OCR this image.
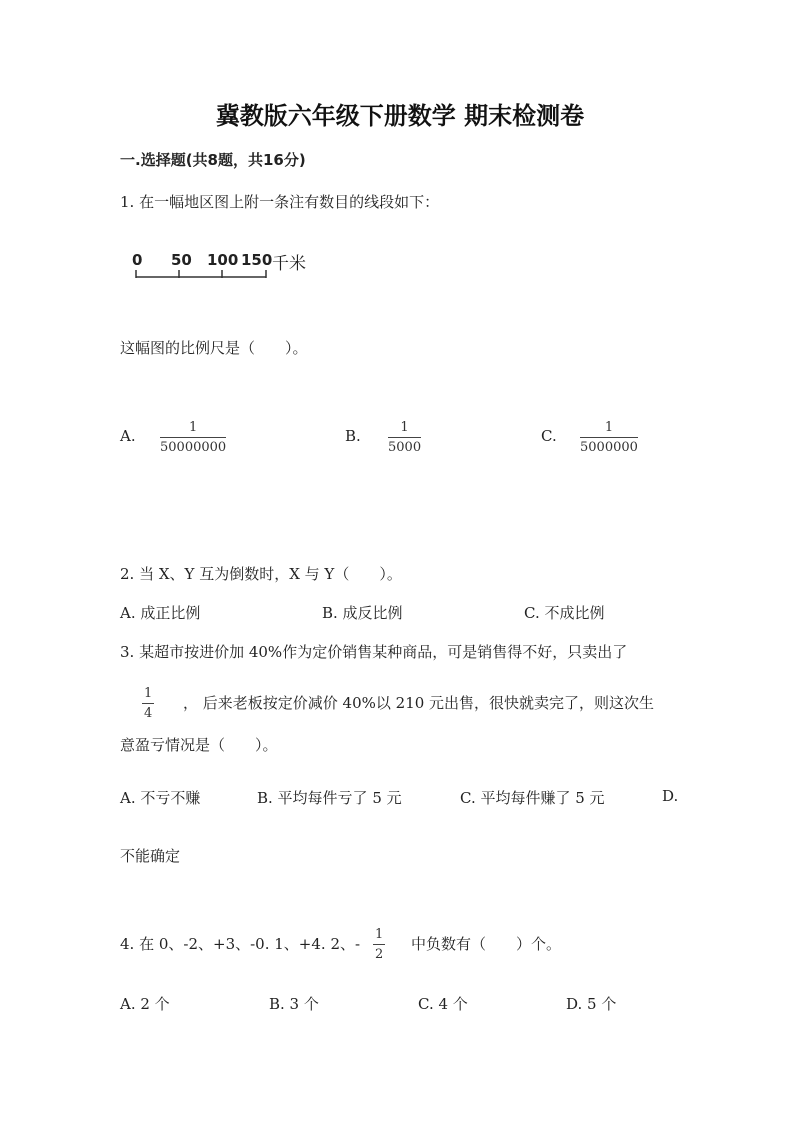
冀教版六年级下册数学 期末检测卷
一.选择题(共8题，共16分)
1. 在一幅地区图上附一条注有数目的线段如下：
0 50 100 150 千米
这幅图的比例尺是（　　）。
A.	1
50000000
B.	1
5000
C.	1
5000000
2. 当 X、Y 互为倒数时，X 与 Y（　　）。
A. 成正比例	B. 成反比例	C. 不成比例
3. 某超市按进价加 40%作为定价销售某种商品，可是销售得不好，只卖出了
1
4
， 后来老板按定价减价 40%以 210 元出售，很快就卖完了，则这次生
意盈亏情况是（　　）。
A. 不亏不赚	B. 平均每件亏了 5 元	C. 平均每件赚了 5 元	D.
不能确定
4. 在 0、-2、+3、-0. 1、+4. 2、-
1
2
中负数有（　　）个。
A. 2 个	B. 3 个	C. 4 个	D. 5 个
